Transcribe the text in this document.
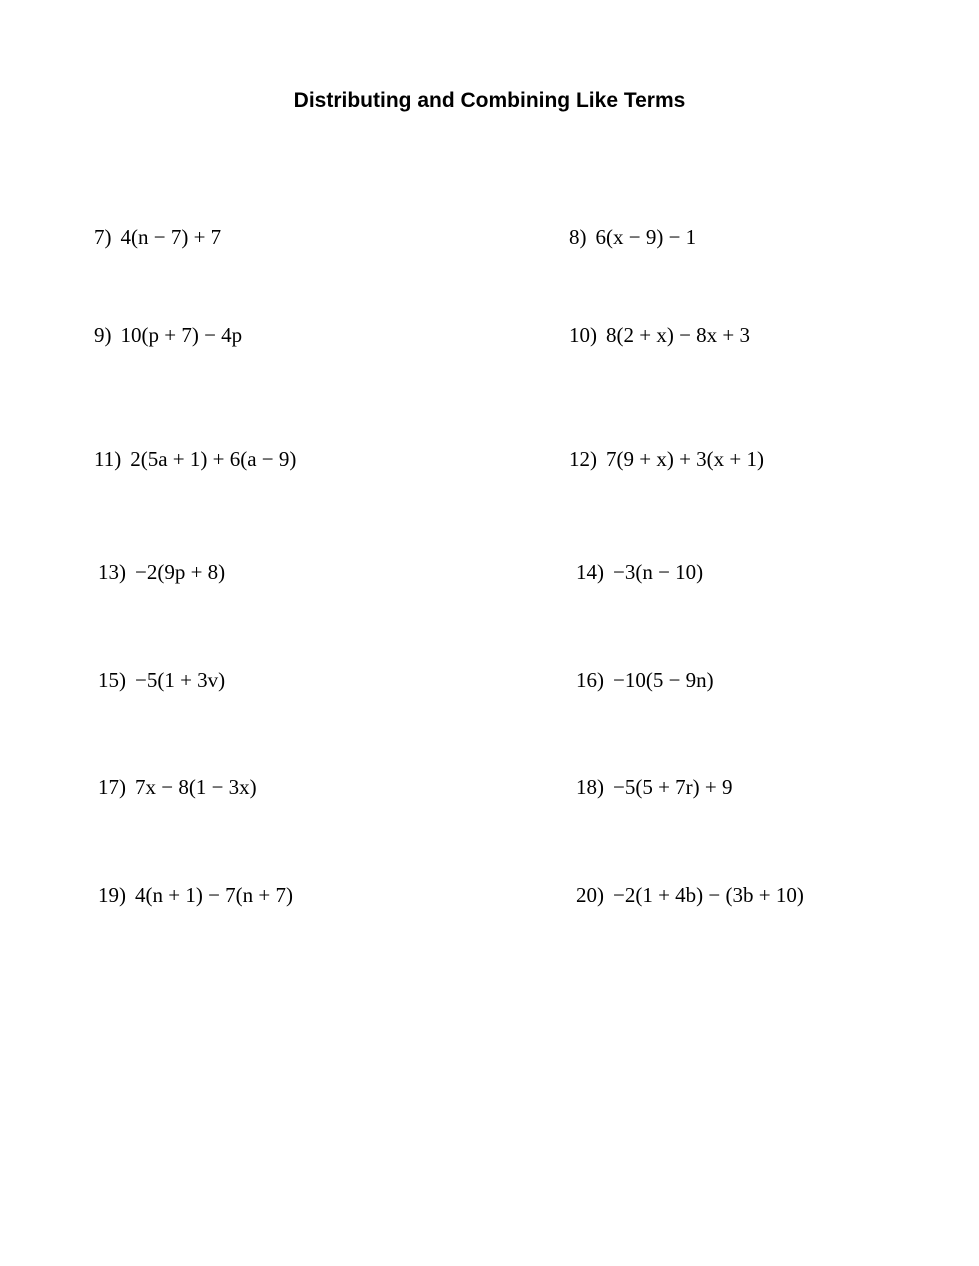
Distributing and Combining Like Terms
7) 4(n − 7) + 7	8) 6(x − 9) − 1
9) 10(p + 7) − 4p	10) 8(2 + x) − 8x + 3
11) 2(5a + 1) + 6(a − 9)	12) 7(9 + x) + 3(x + 1)
13) −2(9p + 8)	14) −3(n − 10)
15) −5(1 + 3v)	16) −10(5 − 9n)
17) 7x − 8(1 − 3x)	18) −5(5 + 7r) + 9
19) 4(n + 1) − 7(n + 7)	20) −2(1 + 4b) − (3b + 10)
